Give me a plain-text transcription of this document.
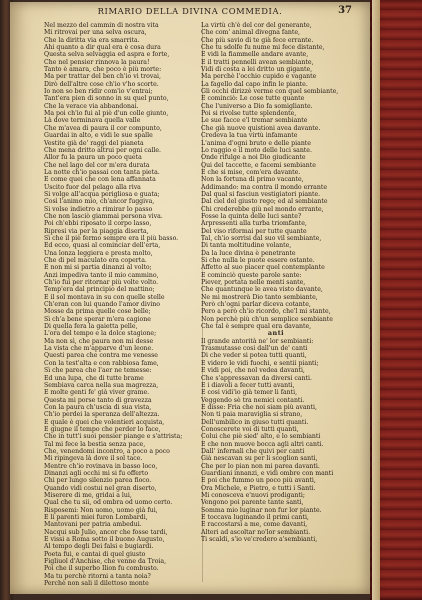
RIMARIO DELLA DIVINA COMMEDIA.	37
Nel mezzo del cammin di nostra vita
Mi ritrovai per una selva oscura,
Che la diritta via era smarrita.
Ahi quanto a dir qual era è cosa dura
Questa selva selvaggia ed aspra e forte,
Che nel pensier rinnova la paura!
Tanto è amara, che poco è più morte:
Ma per trattar del ben ch'io vi trovai,
Dirò dell'altre cose ch'io v'ho scorte.
Io non so ben ridir com'io v'entrai;
Tant'era pien di sonno in su quel punto,
Che la verace via abbandonai.
Ma poi ch'io fui al piè d'un colle giunto,
Là dove terminava quella valle
Che m'avea di paura il cor compunto,
Guardai in alto, e vidi le sue spalle
Vestite già de' raggi del pianeta
Che mena dritto altrui per ogni calle.
Allor fu la paura un poco queta
Che nel lago del cor m'era durata
La notte ch'io passai con tanta pieta.
E come quei che con lena affannata
Uscito fuor del pelago alla riva
Si volge all'acqua perigliosa e guata;
Così l'animo mio, ch'ancor fuggiva,
Si volse indietro a rimirar lo passo
Che non lasciò giammai persona viva.
Poi ch'ebbi riposato il corpo lasso,
Ripresi via per la piaggia diserta,
Sì che il piè fermo sempre era il più basso.
Ed ecco, quasi al cominciar dell'erta,
Una lonza leggiera e presta molto,
Che di pel maculato era coperta.
E non mi si partia dinanzi al volto;
Anzi impediva tanto il mio cammino,
Ch'io fui per ritornar più volte volto.
Temp'era dal principio del mattino;
E il sol montava in su con quelle stelle
Ch'eran con lui quando l'amor divino
Mosse da prima quelle cose belle;
Sì ch'a bene sperar m'era cagione
Di quella fera la gaietta pelle,
L'ora del tempo e la dolce stagione;
Ma non sì, che paura non mi desse
La vista che m'apparve d'un leone.
Questi parea che contra me venesse
Con la test'alta e con rabbiosa fame,
Sì che parea che l'aer ne temesse:
Ed una lupa, che di tutte brame
Sembiava carca nella sua magrezza,
E molte genti fe' già viver grame.
Questa mi porse tanto di gravezza
Con la paura ch'uscia di sua vista,
Ch'io perdei la speranza dell'altezza.
E quale è quei che volentieri acquista,
E giugne il tempo che perder lo face,
Che in tutt'i suoi pensier piange e s'attrista;
Tal mi fece la bestia senza pace,
Che, venendomi incontro, a poco a poco
Mi ripingeva là dove il sol tace.
Mentre ch'io rovinava in basso loco,
Dinanzi agli occhi mi si fu offerto
Chi per lungo silenzio parea fioco.
Quando vidi costui nel gran diserto,
Miserere di me, gridai a lui,
Qual che tu sii, od ombra od uomo certo.
Risposemi: Non uomo, uomo già fui,
E li parenti miei furon Lombardi,
Mantovani per patria ambedui.
Nacqui sub Julio, ancor che fosse tardi,
E vissi a Roma sotto il buono Augusto,
Al tempo degli Dei falsi e bugiardi.
Poeta fui, e cantai di quel giusto
Figliuol d'Anchise, che venne da Troia,
Poi che il superbo Ilion fu combusto.
Ma tu perchè ritorni a tanta noia?
Perchè non sali il dilettoso monte
La virtù ch'è del cor del generante,
Che com' animal divegna fante,
Che più savio di te già fece errante.
Che tu sdolfe fu nume mi fece distante,
E vidi la fiammelle andare avante,
E il tratti pennelli avean sembiante,
Vidi di costa a lei dritto un gigante,
Ma perchè l'occhio cupido e vagante
La fagello dal capo infin le piante.
Gli occhi dirizzè verme con quel sembiante,
E cominciò: Le cose tutte quante
Che l'universo a Dio fa somigliante.
Poi si rivolse tutte splendente,
Le sue facce e'l tremar sembiante
Che già nuove quistioni avea davante.
Credeva la tua virtù infamante
L'anima d'ogni bruto e delle piante
Lo raggio e il moto delle luci sante.
Onde rifulge a noi Dio giudicante
Qui del taccette, e facemi sembiante
E che si mise, com'era davante.
Non la fortuna di primo vacante,
Addimando: ma contra il mondo errante
Dal qual si fasciun vestigiatori piante.
Dal ciel del giusto rego; ed al sembiante
Chi crederebbe giù nel mondo errante,
Fosse la quinta delle luci sante?
Arpressenti alla turba triomfante,
Del viso riformai per tutte quante
Tal, ch'io sorrisi dal suo vil sembiante,
Di tanta moltitudine volante,
Da la luce divina è penetrante
Si che nulla le puote essere ostante.
Affetto al suo piacer quel contemplante
E cominciò queste parole sante:
Piever, portata nelle menti sante,
Che quantunque le avea visto davante,
Ne mi mostrerà Dio tanto sembiante,
Però ch'ogni parlar diceva cotante,
Pero a però ch'io ricordo, che'l mi stante,
Non perchè più ch'un semplice sembiante
Che tal è sempre qual era davante,
anti
Il grande antorità ne' lor sembianti:
Trasmutasse cosi dall'un de' canti
Di che veder si potea tutti quanti,
E videro le vidi fuochi, e sentii pianti;
E vidi poi, che nol vedea davanti,
Che s'appressavan da diversi canti.
E i diavoli a fecer tutti avanti,
E cosi vidi'io già temer li fanti,
Veggendo sè tra nemici contanti.
E disse: Fria che noi siam più avanti,
Non ti paia maraviglia si strano,
Dell'umbilico in giuso tutti quanti.
Conoscerete voi di tutti quanti,
Colui che piè sied' alto, e lo sembianti
E che non muove bocca agli altri canti.
Dall' infernali che quivi per canti
Già nescavan su per li scoglion santi,
Che per lo pian non mi parea davanti.
Guardiani innanzi, e vidi ombre con manti
E poi che fummo un poco più avanti,
Ora Michele, e Pietro, e tutti i Santi.
Mi conosceva e'nuovi prodiganti;
Vengono poi parente tante santi,
Somma mio luginar non fur lor piante.
E toccava luginando il primi canti,
E raccostarsi a me, come davanti,
Alteri ad ascoltar no'lor sembianti.
Ti scaldi, s'io ve'credero a'sembianti,
